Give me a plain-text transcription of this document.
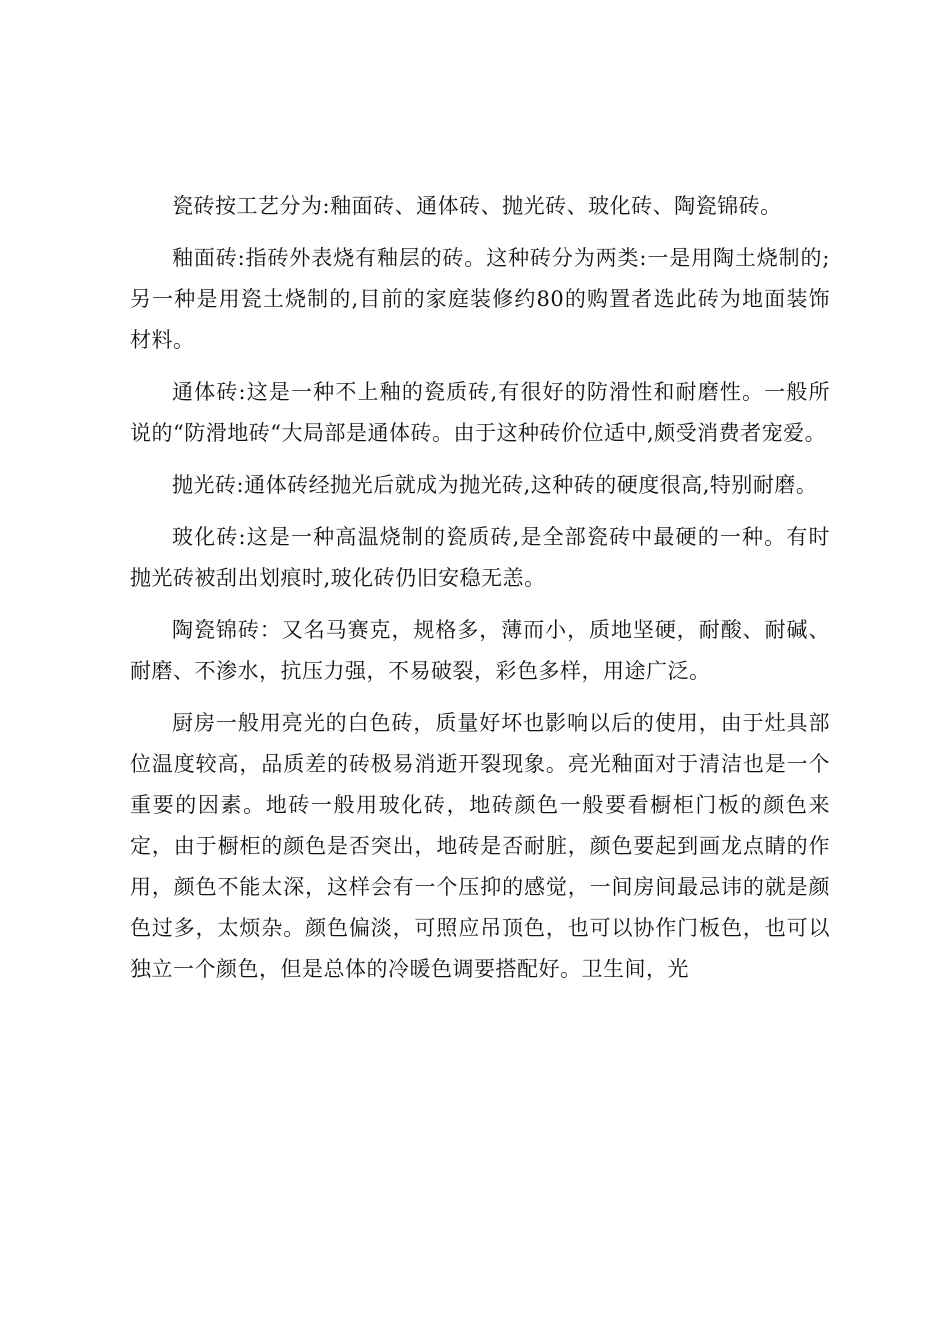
瓷砖按工艺分为:釉面砖、通体砖、抛光砖、玻化砖、陶瓷锦砖。

釉面砖:指砖外表烧有釉层的砖。这种砖分为两类:一是用陶土烧制的;另一种是用瓷土烧制的,目前的家庭装修约80的购置者选此砖为地面装饰材料。

通体砖:这是一种不上釉的瓷质砖,有很好的防滑性和耐磨性。一般所说的“防滑地砖“大局部是通体砖。由于这种砖价位适中,颇受消费者宠爱。

抛光砖:通体砖经抛光后就成为抛光砖,这种砖的硬度很高,特别耐磨。

玻化砖:这是一种高温烧制的瓷质砖,是全部瓷砖中最硬的一种。有时抛光砖被刮出划痕时,玻化砖仍旧安稳无恙。

陶瓷锦砖：又名马赛克，规格多，薄而小，质地坚硬，耐酸、耐碱、耐磨、不渗水，抗压力强，不易破裂，彩色多样，用途广泛。

厨房一般用亮光的白色砖，质量好坏也影响以后的使用，由于灶具部位温度较高，品质差的砖极易消逝开裂现象。亮光釉面对于清洁也是一个重要的因素。地砖一般用玻化砖，地砖颜色一般要看橱柜门板的颜色来定，由于橱柜的颜色是否突出，地砖是否耐脏，颜色要起到画龙点睛的作用，颜色不能太深，这样会有一个压抑的感觉，一间房间最忌讳的就是颜色过多，太烦杂。颜色偏淡，可照应吊顶色，也可以协作门板色，也可以独立一个颜色，但是总体的冷暖色调要搭配好。卫生间，光
